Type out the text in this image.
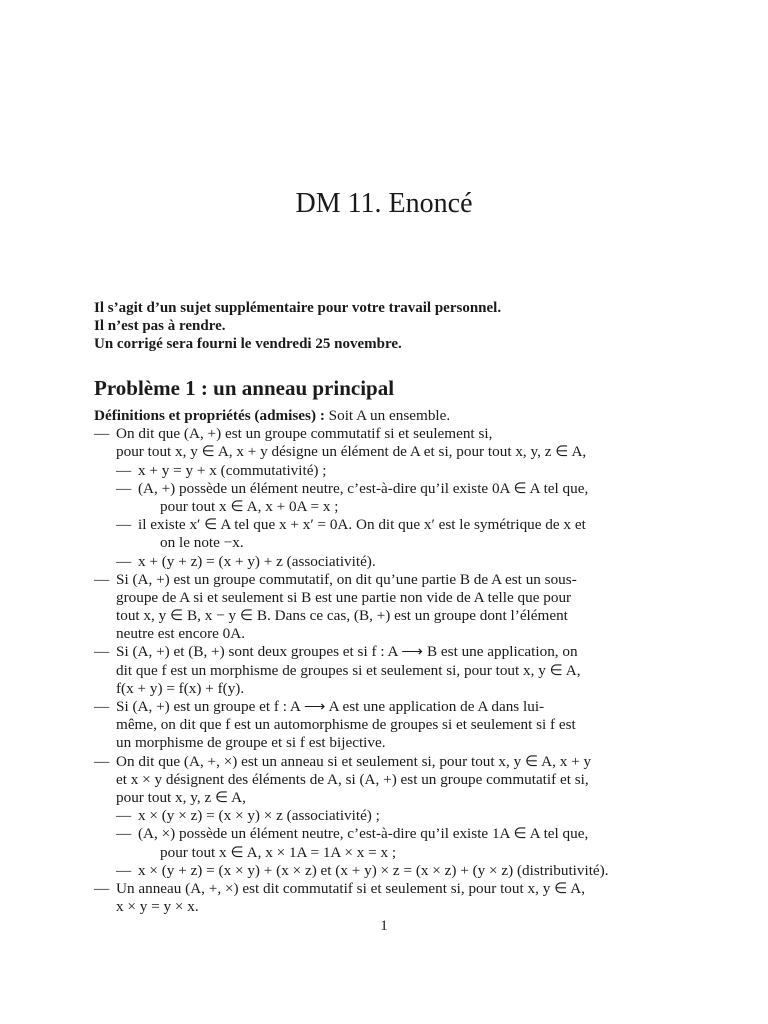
DM 11. Enoncé
Il s’agit d’un sujet supplémentaire pour votre travail personnel.
Il n’est pas à rendre.
Un corrigé sera fourni le vendredi 25 novembre.
Problème 1 : un anneau principal
Définitions et propriétés (admises) : Soit A un ensemble.
— On dit que (A, +) est un groupe commutatif si et seulement si,
pour tout x, y ∈ A, x + y désigne un élément de A et si, pour tout x, y, z ∈ A,
— x + y = y + x (commutativité) ;
— (A, +) possède un élément neutre, c’est-à-dire qu’il existe 0A ∈ A tel que,
pour tout x ∈ A, x + 0A = x ;
— il existe x′ ∈ A tel que x + x′ = 0A. On dit que x′ est le symétrique de x et
on le note −x.
— x + (y + z) = (x + y) + z (associativité).
— Si (A, +) est un groupe commutatif, on dit qu’une partie B de A est un sous-
groupe de A si et seulement si B est une partie non vide de A telle que pour
tout x, y ∈ B, x − y ∈ B. Dans ce cas, (B, +) est un groupe dont l’élément
neutre est encore 0A.
— Si (A, +) et (B, +) sont deux groupes et si f : A ⟶ B est une application, on
dit que f est un morphisme de groupes si et seulement si, pour tout x, y ∈ A,
f(x + y) = f(x) + f(y).
— Si (A, +) est un groupe et f : A ⟶ A est une application de A dans lui-
même, on dit que f est un automorphisme de groupes si et seulement si f est
un morphisme de groupe et si f est bijective.
— On dit que (A, +, ×) est un anneau si et seulement si, pour tout x, y ∈ A, x + y
et x × y désignent des éléments de A, si (A, +) est un groupe commutatif et si,
pour tout x, y, z ∈ A,
— x × (y × z) = (x × y) × z (associativité) ;
— (A, ×) possède un élément neutre, c’est-à-dire qu’il existe 1A ∈ A tel que,
pour tout x ∈ A, x × 1A = 1A × x = x ;
— x × (y + z) = (x × y) + (x × z) et (x + y) × z = (x × z) + (y × z) (distributivité).
— Un anneau (A, +, ×) est dit commutatif si et seulement si, pour tout x, y ∈ A,
x × y = y × x.
1
